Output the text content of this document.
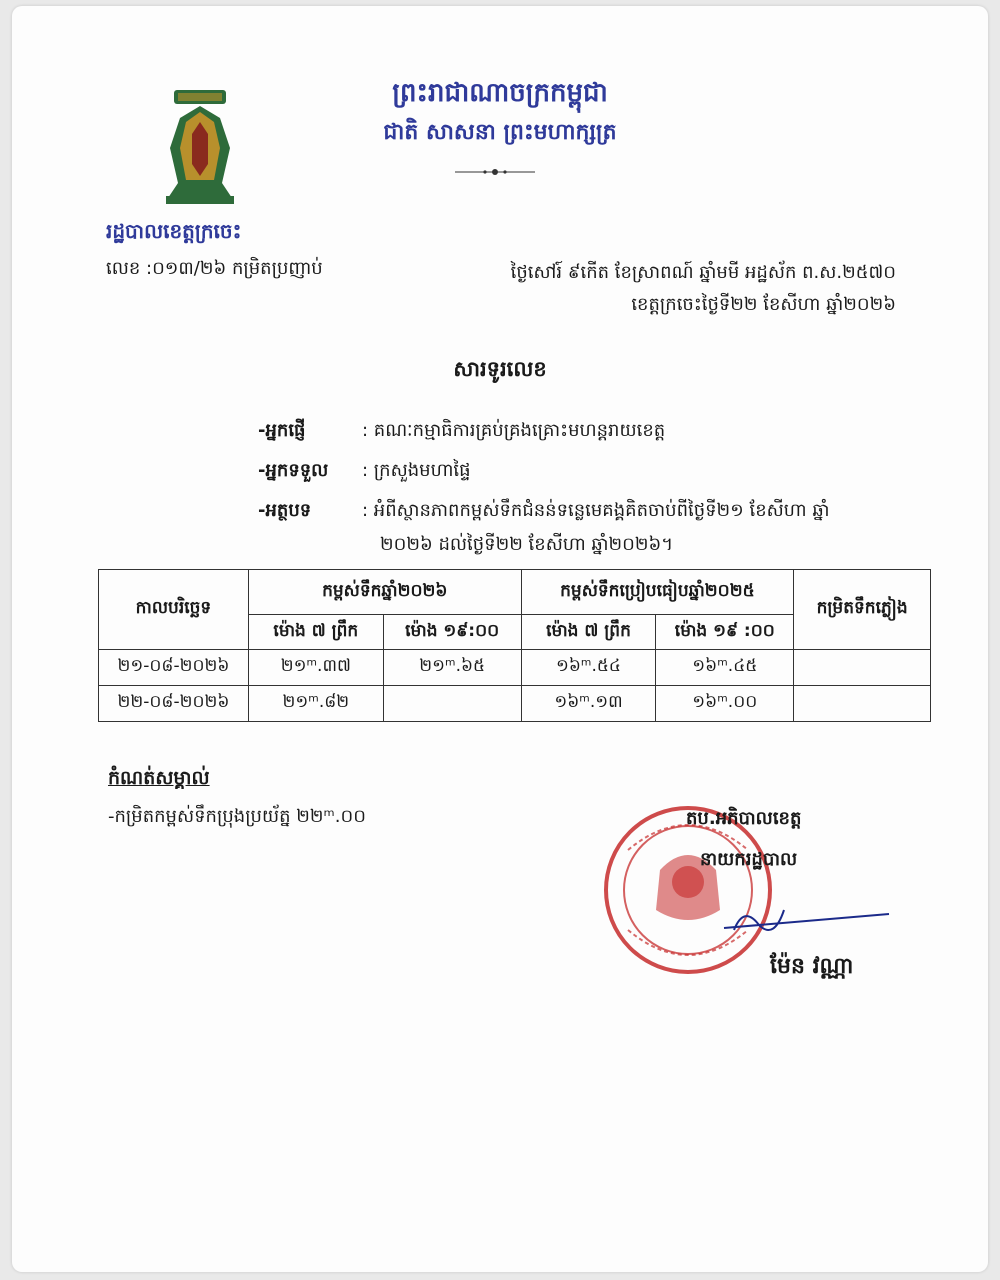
ព្រះរាជាណាចក្រកម្ពុជា
ជាតិ សាសនា ព្រះមហាក្សត្រ
រដ្ឋបាលខេត្តក្រចេះ
លេខ :០១៣/២៦ កម្រិតប្រញាប់	ថ្ងៃសៅរ៍ ៩កើត ខែស្រាពណ៍ ឆ្នាំមមី អដ្ឋស័ក ព.ស.២៥៧០
ខេត្តក្រចេះថ្ងៃទី២២ ខែសីហា ឆ្នាំ២០២៦
សារទូរលេខ
-អ្នកផ្ញើ	: គណៈកម្មាធិការគ្រប់គ្រងគ្រោះមហន្តរាយខេត្ត
-អ្នកទទួល : ក្រសួងមហាផ្ទៃ
-អត្ថបទ	: អំពីស្ថានភាពកម្ពស់ទឹកជំនន់ទន្លេមេគង្គគិតចាប់ពីថ្ងៃទី២១ ខែសីហា ឆ្នាំ
២០២៦ ដល់ថ្ងៃទី២២ ខែសីហា ឆ្នាំ២០២៦។
កាលបរិច្ឆេទ	កម្ពស់ទឹកឆ្នាំ២០២៦		កម្ពស់ទឹកប្រៀបធៀបឆ្នាំ២០២៥		កម្រិតទឹកភ្លៀង
	ម៉ោង ៧ ព្រឹក	ម៉ោង ១៩:០០	ម៉ោង ៧ ព្រឹក	ម៉ោង ១៩ :០០	
២១-០៨-២០២៦	២១ᵐ.៣៧	២១ᵐ.៦៥	១៦ᵐ.៥៤	១៦ᵐ.៤៥	
២២-០៨-២០២៦	២១ᵐ.៨២		១៦ᵐ.១៣	១៦ᵐ.០០	
កំណត់សម្គាល់
-កម្រិតកម្ពស់ទឹកប្រុងប្រយ័ត្ន ២២ᵐ.០០	តប.អភិបាលខេត្ត
នាយករដ្ឋបាល
ម៉ែន វណ្ណា
